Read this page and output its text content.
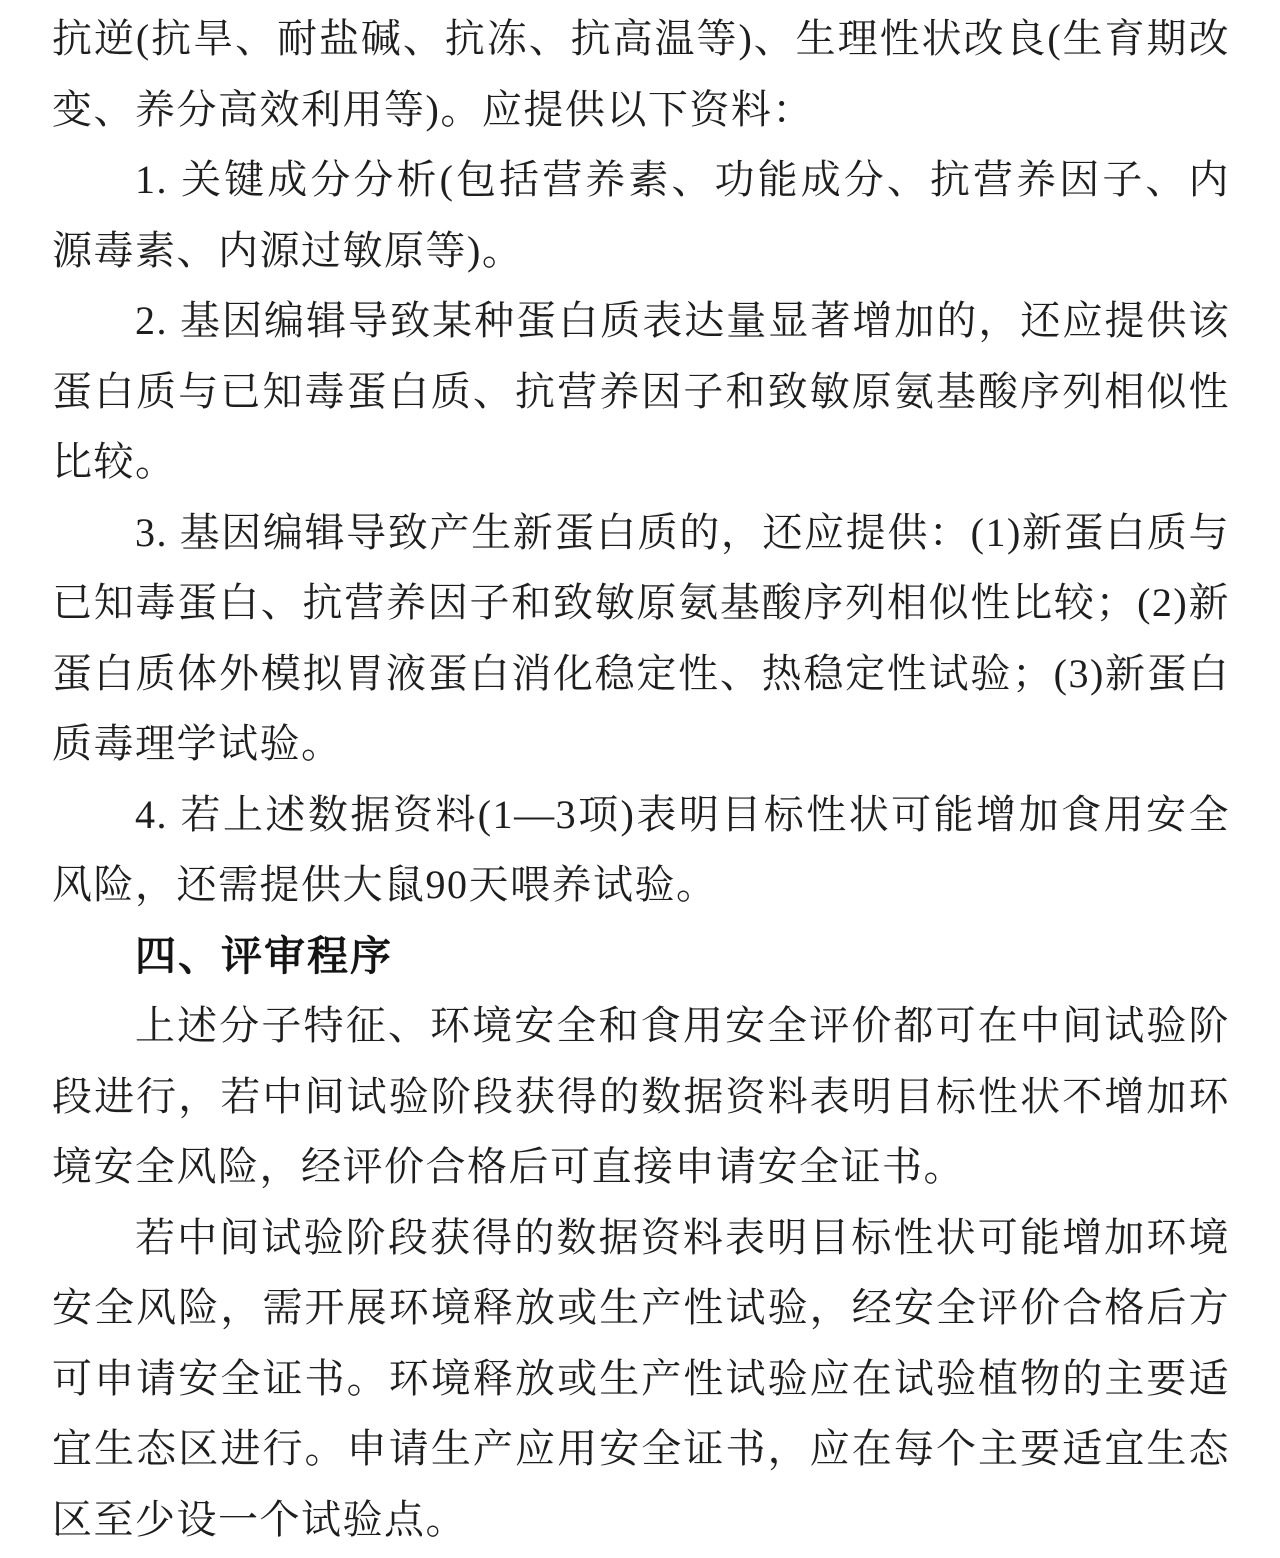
抗逆(抗旱、耐盐碱、抗冻、抗高温等)、生理性状改良(生育期改变、养分高效利用等)。应提供以下资料：

1. 关键成分分析(包括营养素、功能成分、抗营养因子、内源毒素、内源过敏原等)。

2. 基因编辑导致某种蛋白质表达量显著增加的，还应提供该蛋白质与已知毒蛋白质、抗营养因子和致敏原氨基酸序列相似性比较。

3. 基因编辑导致产生新蛋白质的，还应提供：(1)新蛋白质与已知毒蛋白、抗营养因子和致敏原氨基酸序列相似性比较；(2)新蛋白质体外模拟胃液蛋白消化稳定性、热稳定性试验；(3)新蛋白质毒理学试验。

4. 若上述数据资料(1—3项)表明目标性状可能增加食用安全风险，还需提供大鼠90天喂养试验。

四、评审程序

上述分子特征、环境安全和食用安全评价都可在中间试验阶段进行，若中间试验阶段获得的数据资料表明目标性状不增加环境安全风险，经评价合格后可直接申请安全证书。

若中间试验阶段获得的数据资料表明目标性状可能增加环境安全风险，需开展环境释放或生产性试验，经安全评价合格后方可申请安全证书。环境释放或生产性试验应在试验植物的主要适宜生态区进行。申请生产应用安全证书，应在每个主要适宜生态区至少设一个试验点。
